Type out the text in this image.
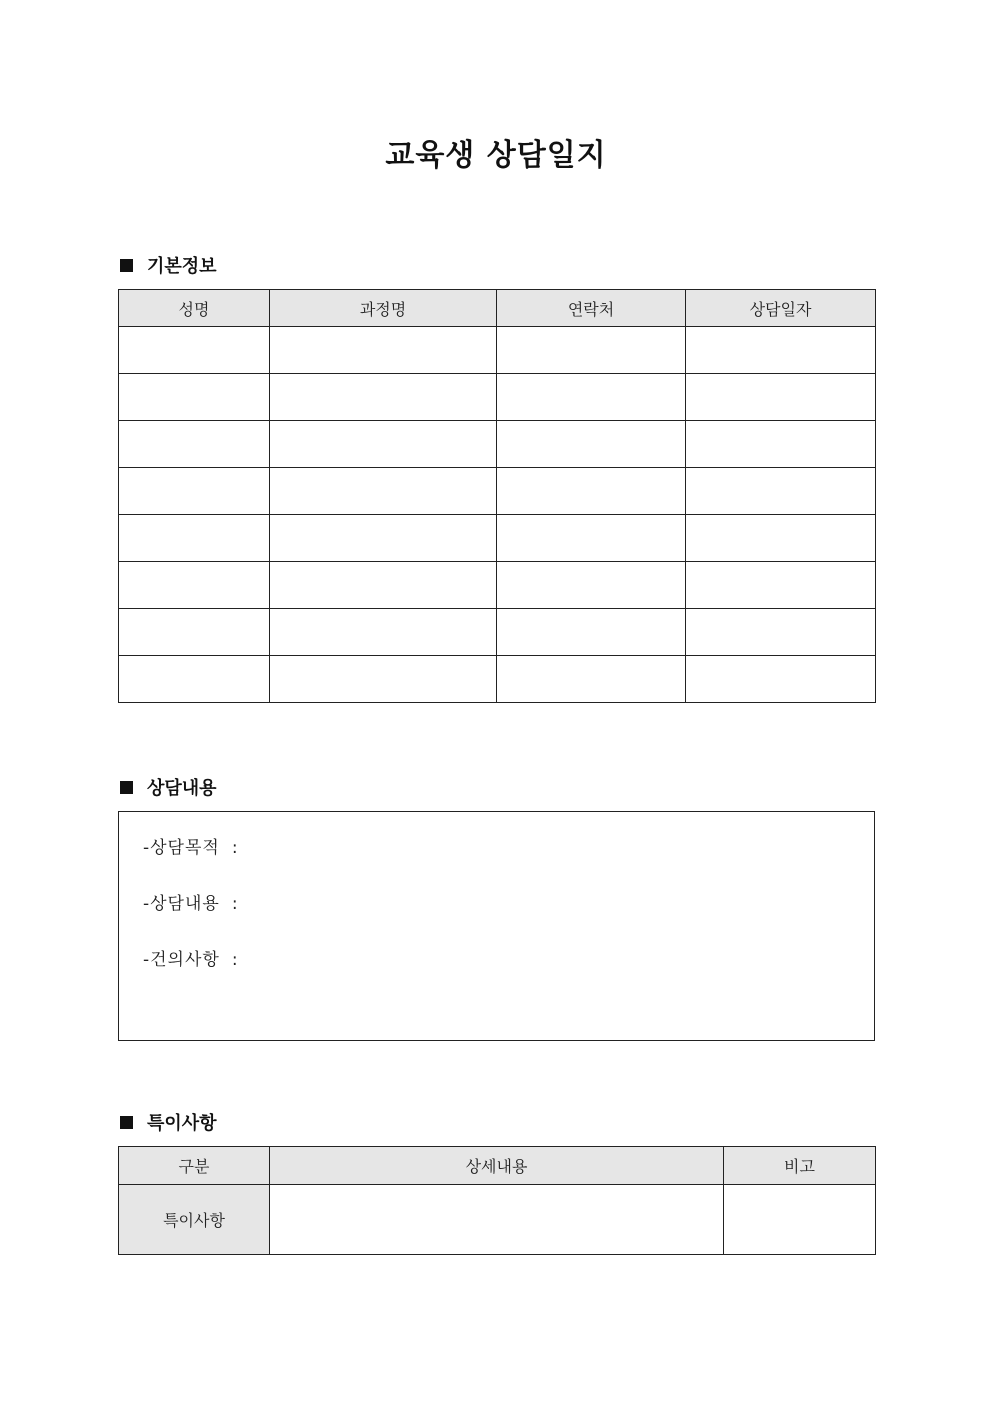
교육생 상담일지
기본정보
성명	과정명	연락처	상담일자

상담내용
-상담목적 :
-상담내용 :
-건의사항 :
특이사항
구분	상세내용	비고
특이사항		
